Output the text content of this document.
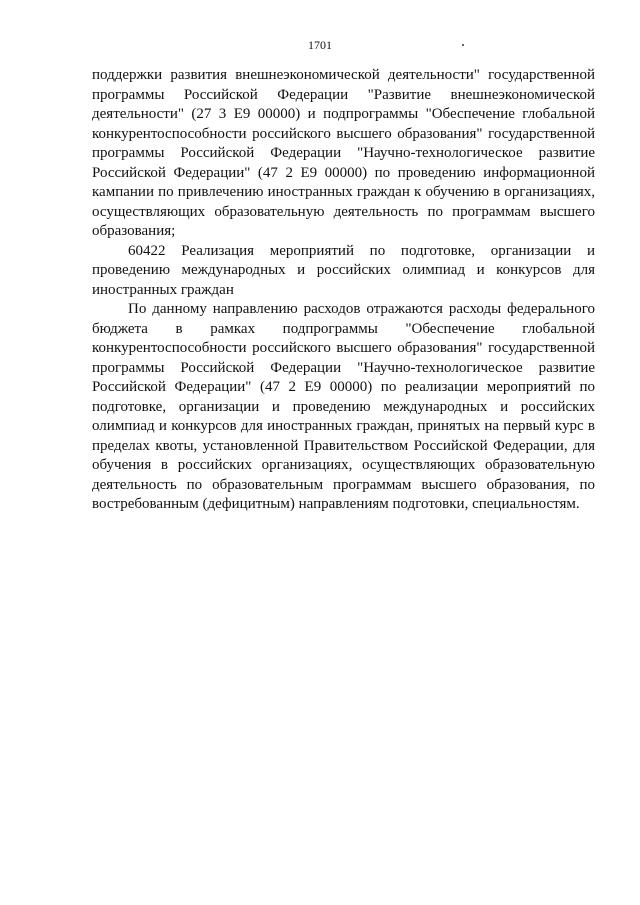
1701

поддержки развития внешнеэкономической деятельности" государственной программы Российской Федерации "Развитие внешнеэкономической деятельности" (27 3 Е9 00000) и подпрограммы "Обеспечение глобальной конкурентоспособности российского высшего образования" государственной программы Российской Федерации "Научно-технологическое развитие Российской Федерации" (47 2 Е9 00000) по проведению информационной кампании по привлечению иностранных граждан к обучению в организациях, осуществляющих образовательную деятельность по программам высшего образования;

60422 Реализация мероприятий по подготовке, организации и проведению международных и российских олимпиад и конкурсов для иностранных граждан

По данному направлению расходов отражаются расходы федерального бюджета в рамках подпрограммы "Обеспечение глобальной конкурентоспособности российского высшего образования" государственной программы Российской Федерации "Научно-технологическое развитие Российской Федерации" (47 2 Е9 00000) по реализации мероприятий по подготовке, организации и проведению международных и российских олимпиад и конкурсов для иностранных граждан, принятых на первый курс в пределах квоты, установленной Правительством Российской Федерации, для обучения в российских организациях, осуществляющих образовательную деятельность по образовательным программам высшего образования, по востребованным (дефицитным) направлениям подготовки, специальностям.
